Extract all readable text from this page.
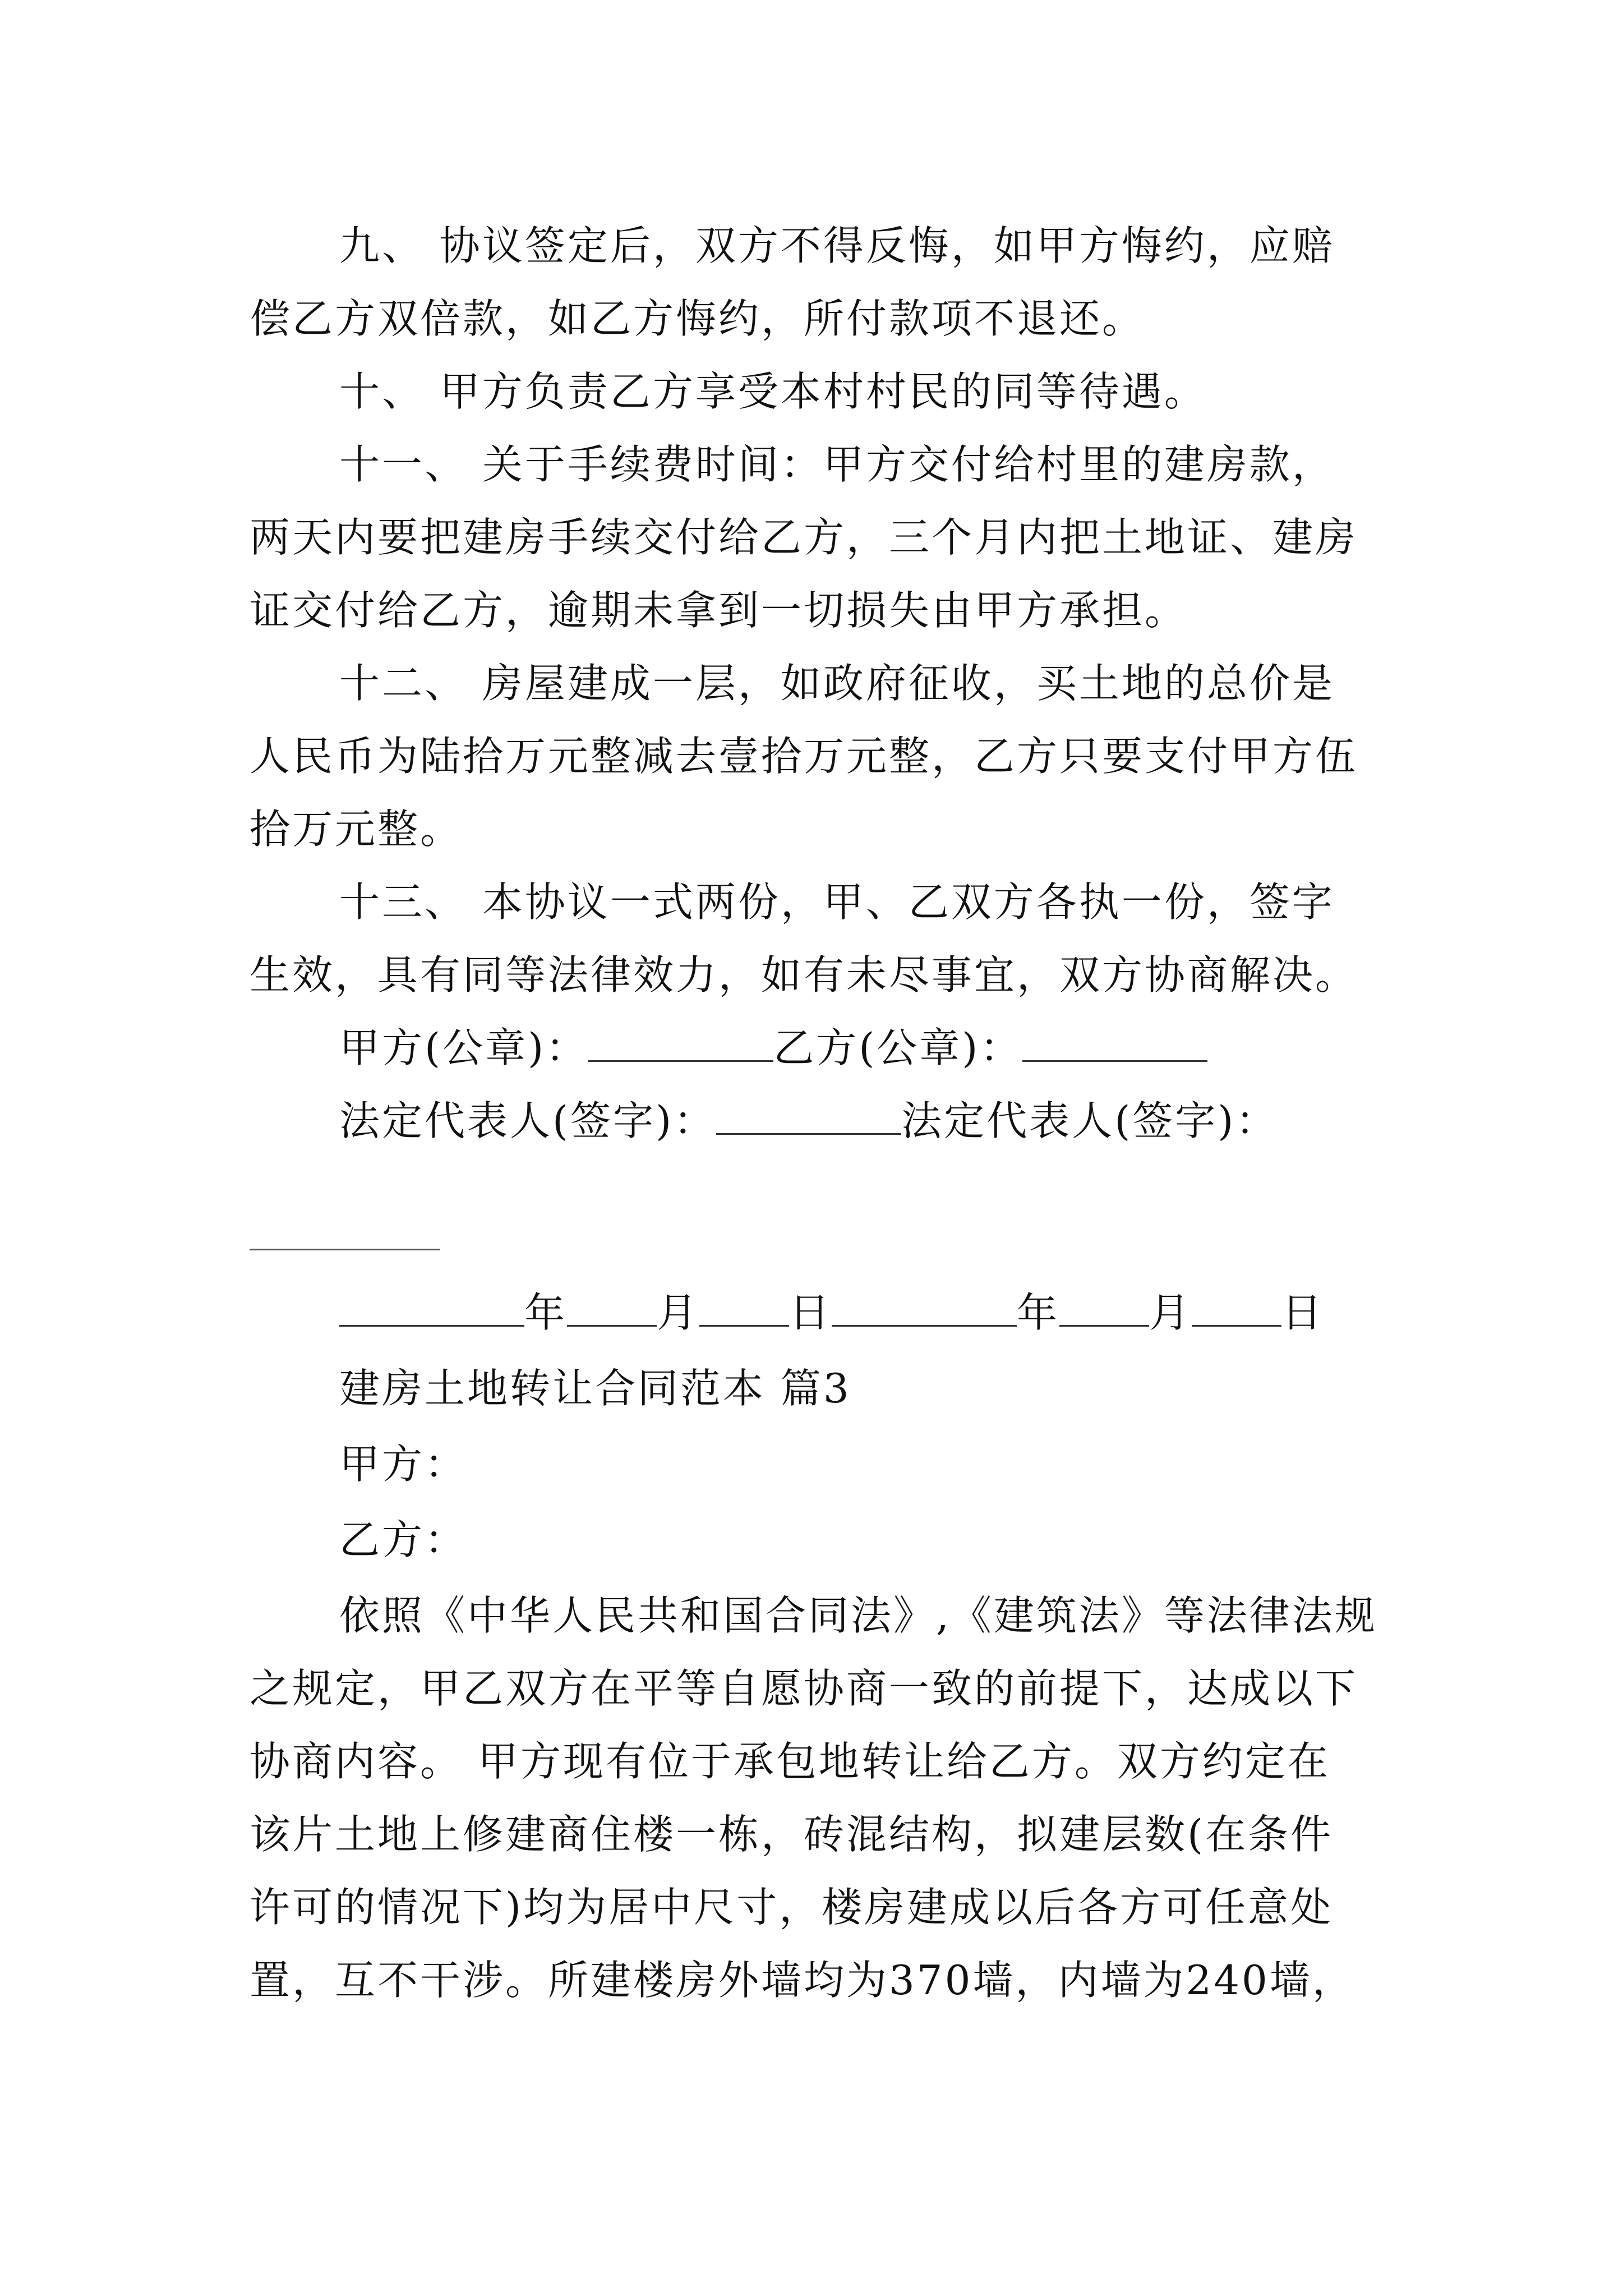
九、 协议签定后，双方不得反悔，如甲方悔约，应赔
偿乙方双倍款，如乙方悔约，所付款项不退还。
十、 甲方负责乙方享受本村村民的同等待遇。
十一、 关于手续费时间：甲方交付给村里的建房款，
两天内要把建房手续交付给乙方，三个月内把土地证、建房
证交付给乙方，逾期未拿到一切损失由甲方承担。
十二、 房屋建成一层，如政府征收，买土地的总价是
人民币为陆拾万元整减去壹拾万元整，乙方只要支付甲方伍
拾万元整。
十三、 本协议一式两份，甲、乙双方各执一份，签字
生效，具有同等法律效力，如有未尽事宜，双方协商解决。
甲方(公章)：	乙方(公章)：
法定代表人(签字)：	法定代表人(签字)：
年 月 日	年 月 日
建房土地转让合同范本 篇3
甲方：
乙方：
依照《中华人民共和国合同法》,《建筑法》等法律法规
之规定，甲乙双方在平等自愿协商一致的前提下，达成以下
协商内容。 甲方现有位于承包地转让给乙方。双方约定在
该片土地上修建商住楼一栋，砖混结构，拟建层数(在条件
许可的情况下)均为居中尺寸，楼房建成以后各方可任意处
置，互不干涉。所建楼房外墙均为370墙，内墙为240墙，
